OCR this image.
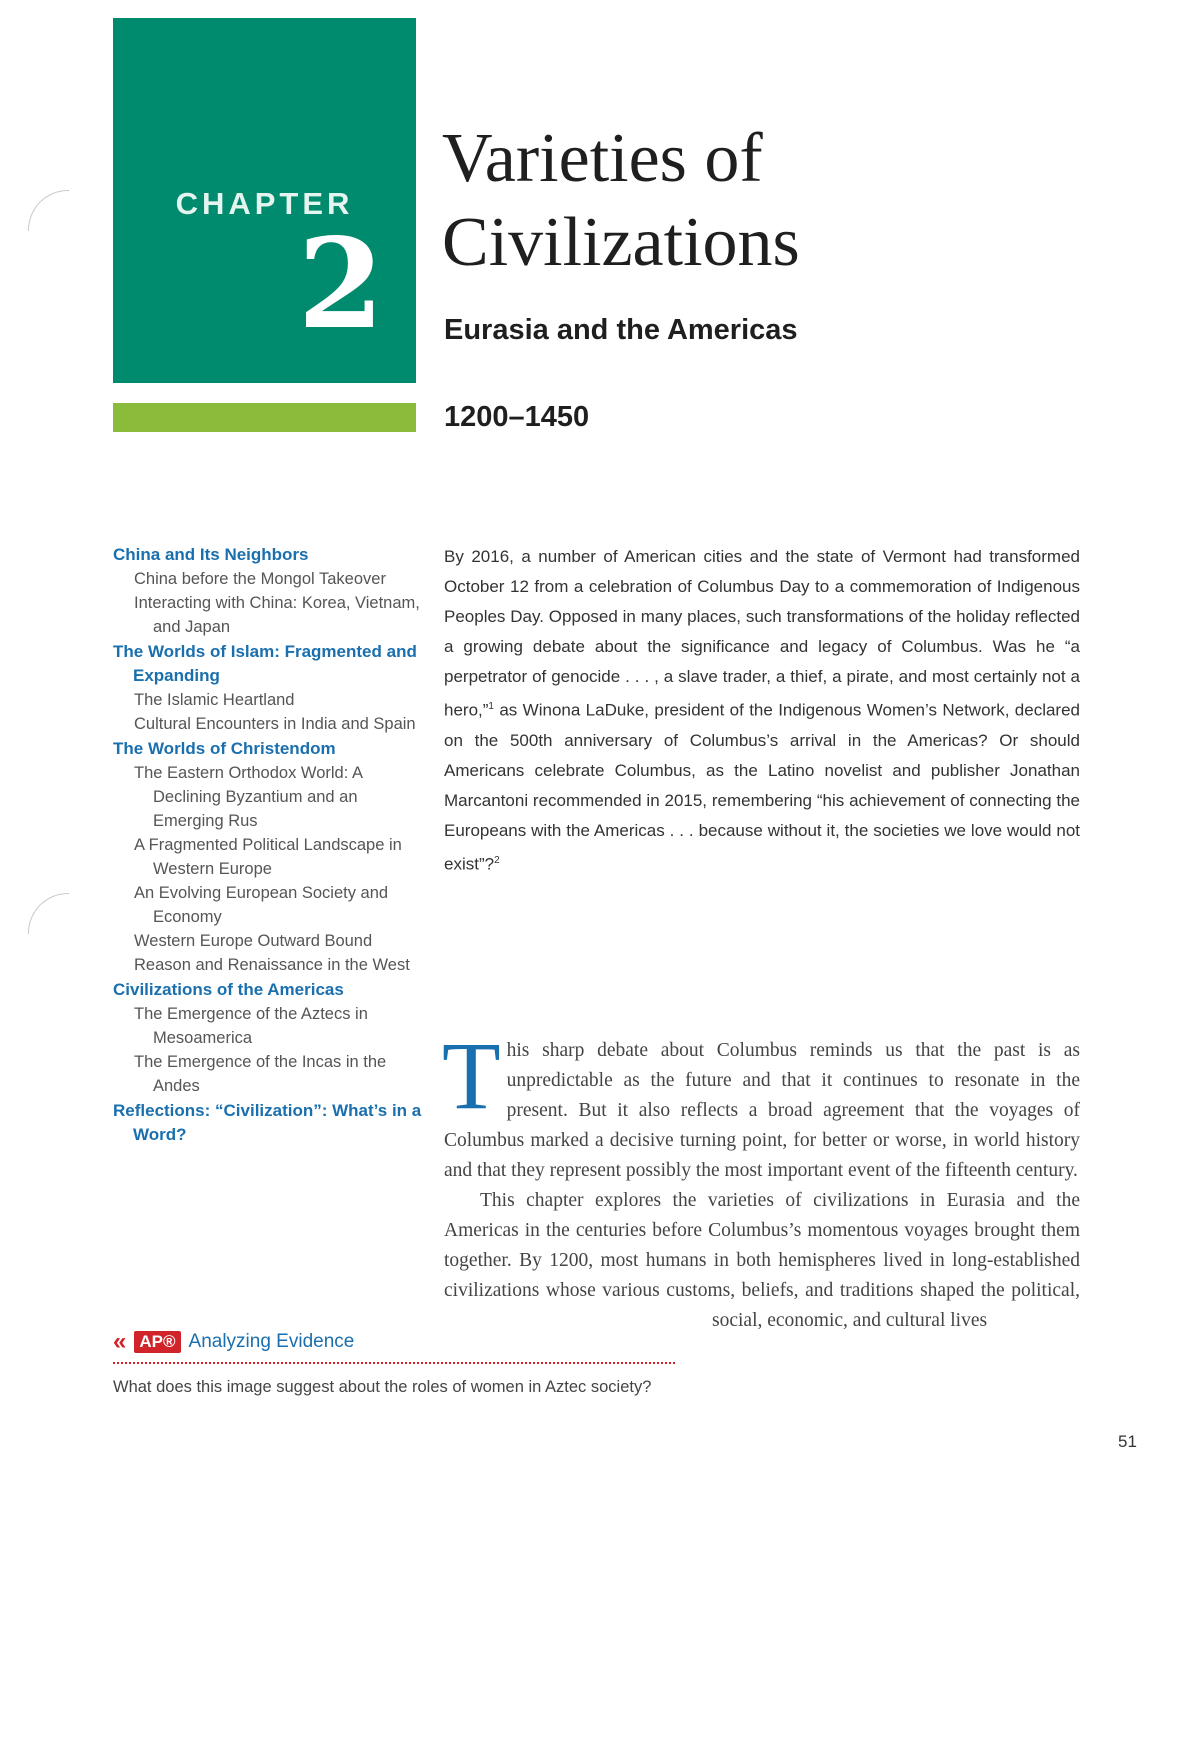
CHAPTER
2
Varieties of
Civilizations
Eurasia and the Americas
1200–1450
China and Its Neighbors
China before the Mongol Takeover
Interacting with China: Korea, Vietnam, and Japan
The Worlds of Islam: Fragmented and Expanding
The Islamic Heartland
Cultural Encounters in India and Spain
The Worlds of Christendom
The Eastern Orthodox World: A Declining Byzantium and an Emerging Rus
A Fragmented Political Landscape in Western Europe
An Evolving European Society and Economy
Western Europe Outward Bound
Reason and Renaissance in the West
Civilizations of the Americas
The Emergence of the Aztecs in Mesoamerica
The Emergence of the Incas in the Andes
Reflections: “Civilization”: What’s in a Word?

By 2016, a number of American cities and the state of Vermont had transformed October 12 from a celebration of Columbus Day to a commemoration of Indigenous Peoples Day. Opposed in many places, such transformations of the holiday reflected a growing debate about the significance and legacy of Columbus. Was he “a perpetrator of genocide . . . , a slave trader, a thief, a pirate, and most certainly not a hero,”$^1$ as Winona LaDuke, president of the Indigenous Women’s Network, declared on the 500th anniversary of Columbus’s arrival in the Americas? Or should Americans celebrate Columbus, as the Latino novelist and publisher Jonathan Marcantoni recommended in 2015, remembering “his achievement of connecting the Europeans with the Americas . . . because without it, the societies we love would not exist”?$^2$

This sharp debate about Columbus reminds us that the past is as unpredictable as the future and that it continues to resonate in the present. But it also reflects a broad agreement that the voyages of Columbus marked a decisive turning point, for better or worse, in world history and that they represent possibly the most important event of the fifteenth century.

This chapter explores the varieties of civilizations in Eurasia and the Americas in the centuries before Columbus’s momentous voyages brought them together. By 1200, most humans in both hemispheres lived in long-established civilizations whose various customs, beliefs, and traditions shaped the political, social, economic, and cultural lives

« AP® Analyzing Evidence

What does this image suggest about the roles of women in Aztec society?

51
